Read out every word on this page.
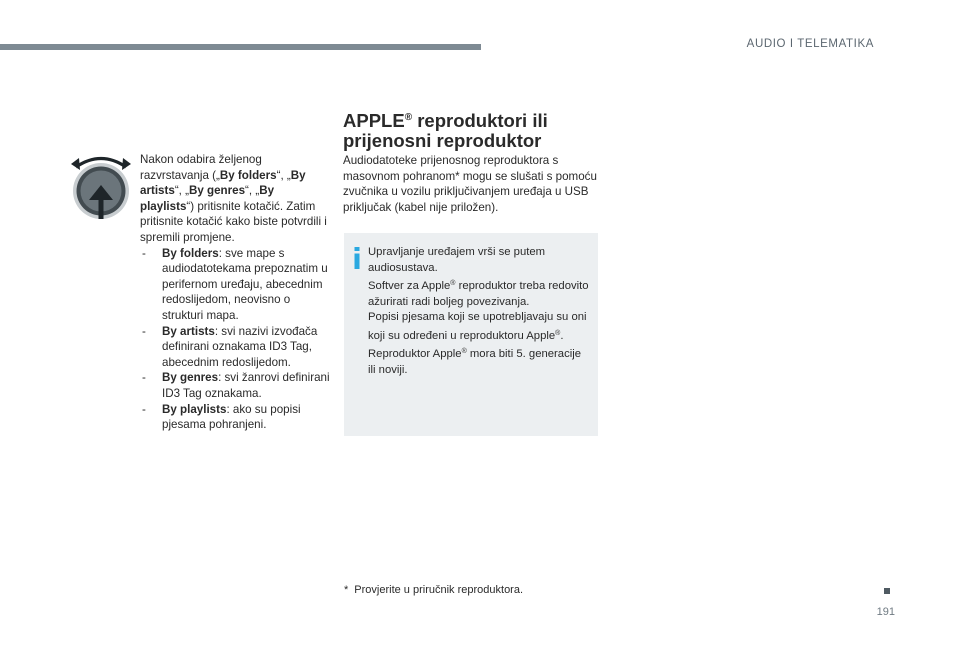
AUDIO I TELEMATIKA

Nakon odabira željenog razvrstavanja („By folders“, „By artists“, „By genres“, „By playlists“) pritisnite kotačić. Zatim pritisnite kotačić kako biste potvrdili i spremili promjene.

- By folders: sve mape s audiodatotekama prepoznatim u perifernom uređaju, abecednim redoslijedom, neovisno o strukturi mapa.
- By artists: svi nazivi izvođača definirani oznakama ID3 Tag, abecednim redoslijedom.
- By genres: svi žanrovi definirani ID3 Tag oznakama.
- By playlists: ako su popisi pjesama pohranjeni.
APPLE® reproduktori ili prijenosni reproduktor

Audiodatoteke prijenosnog reproduktora s masovnom pohranom* mogu se slušati s pomoću zvučnika u vozilu priključivanjem uređaja u USB priključak (kabel nije priložen).

Upravljanje uređajem vrši se putem audiosustava.

Softver za Apple® reproduktor treba redovito ažurirati radi boljeg povezivanja.

Popisi pjesama koji se upotrebljavaju su oni koji su određeni u reproduktoru Apple®.

Reproduktor Apple® mora biti 5. generacije ili noviji.

* Provjerite u priručnik reproduktora.
191
